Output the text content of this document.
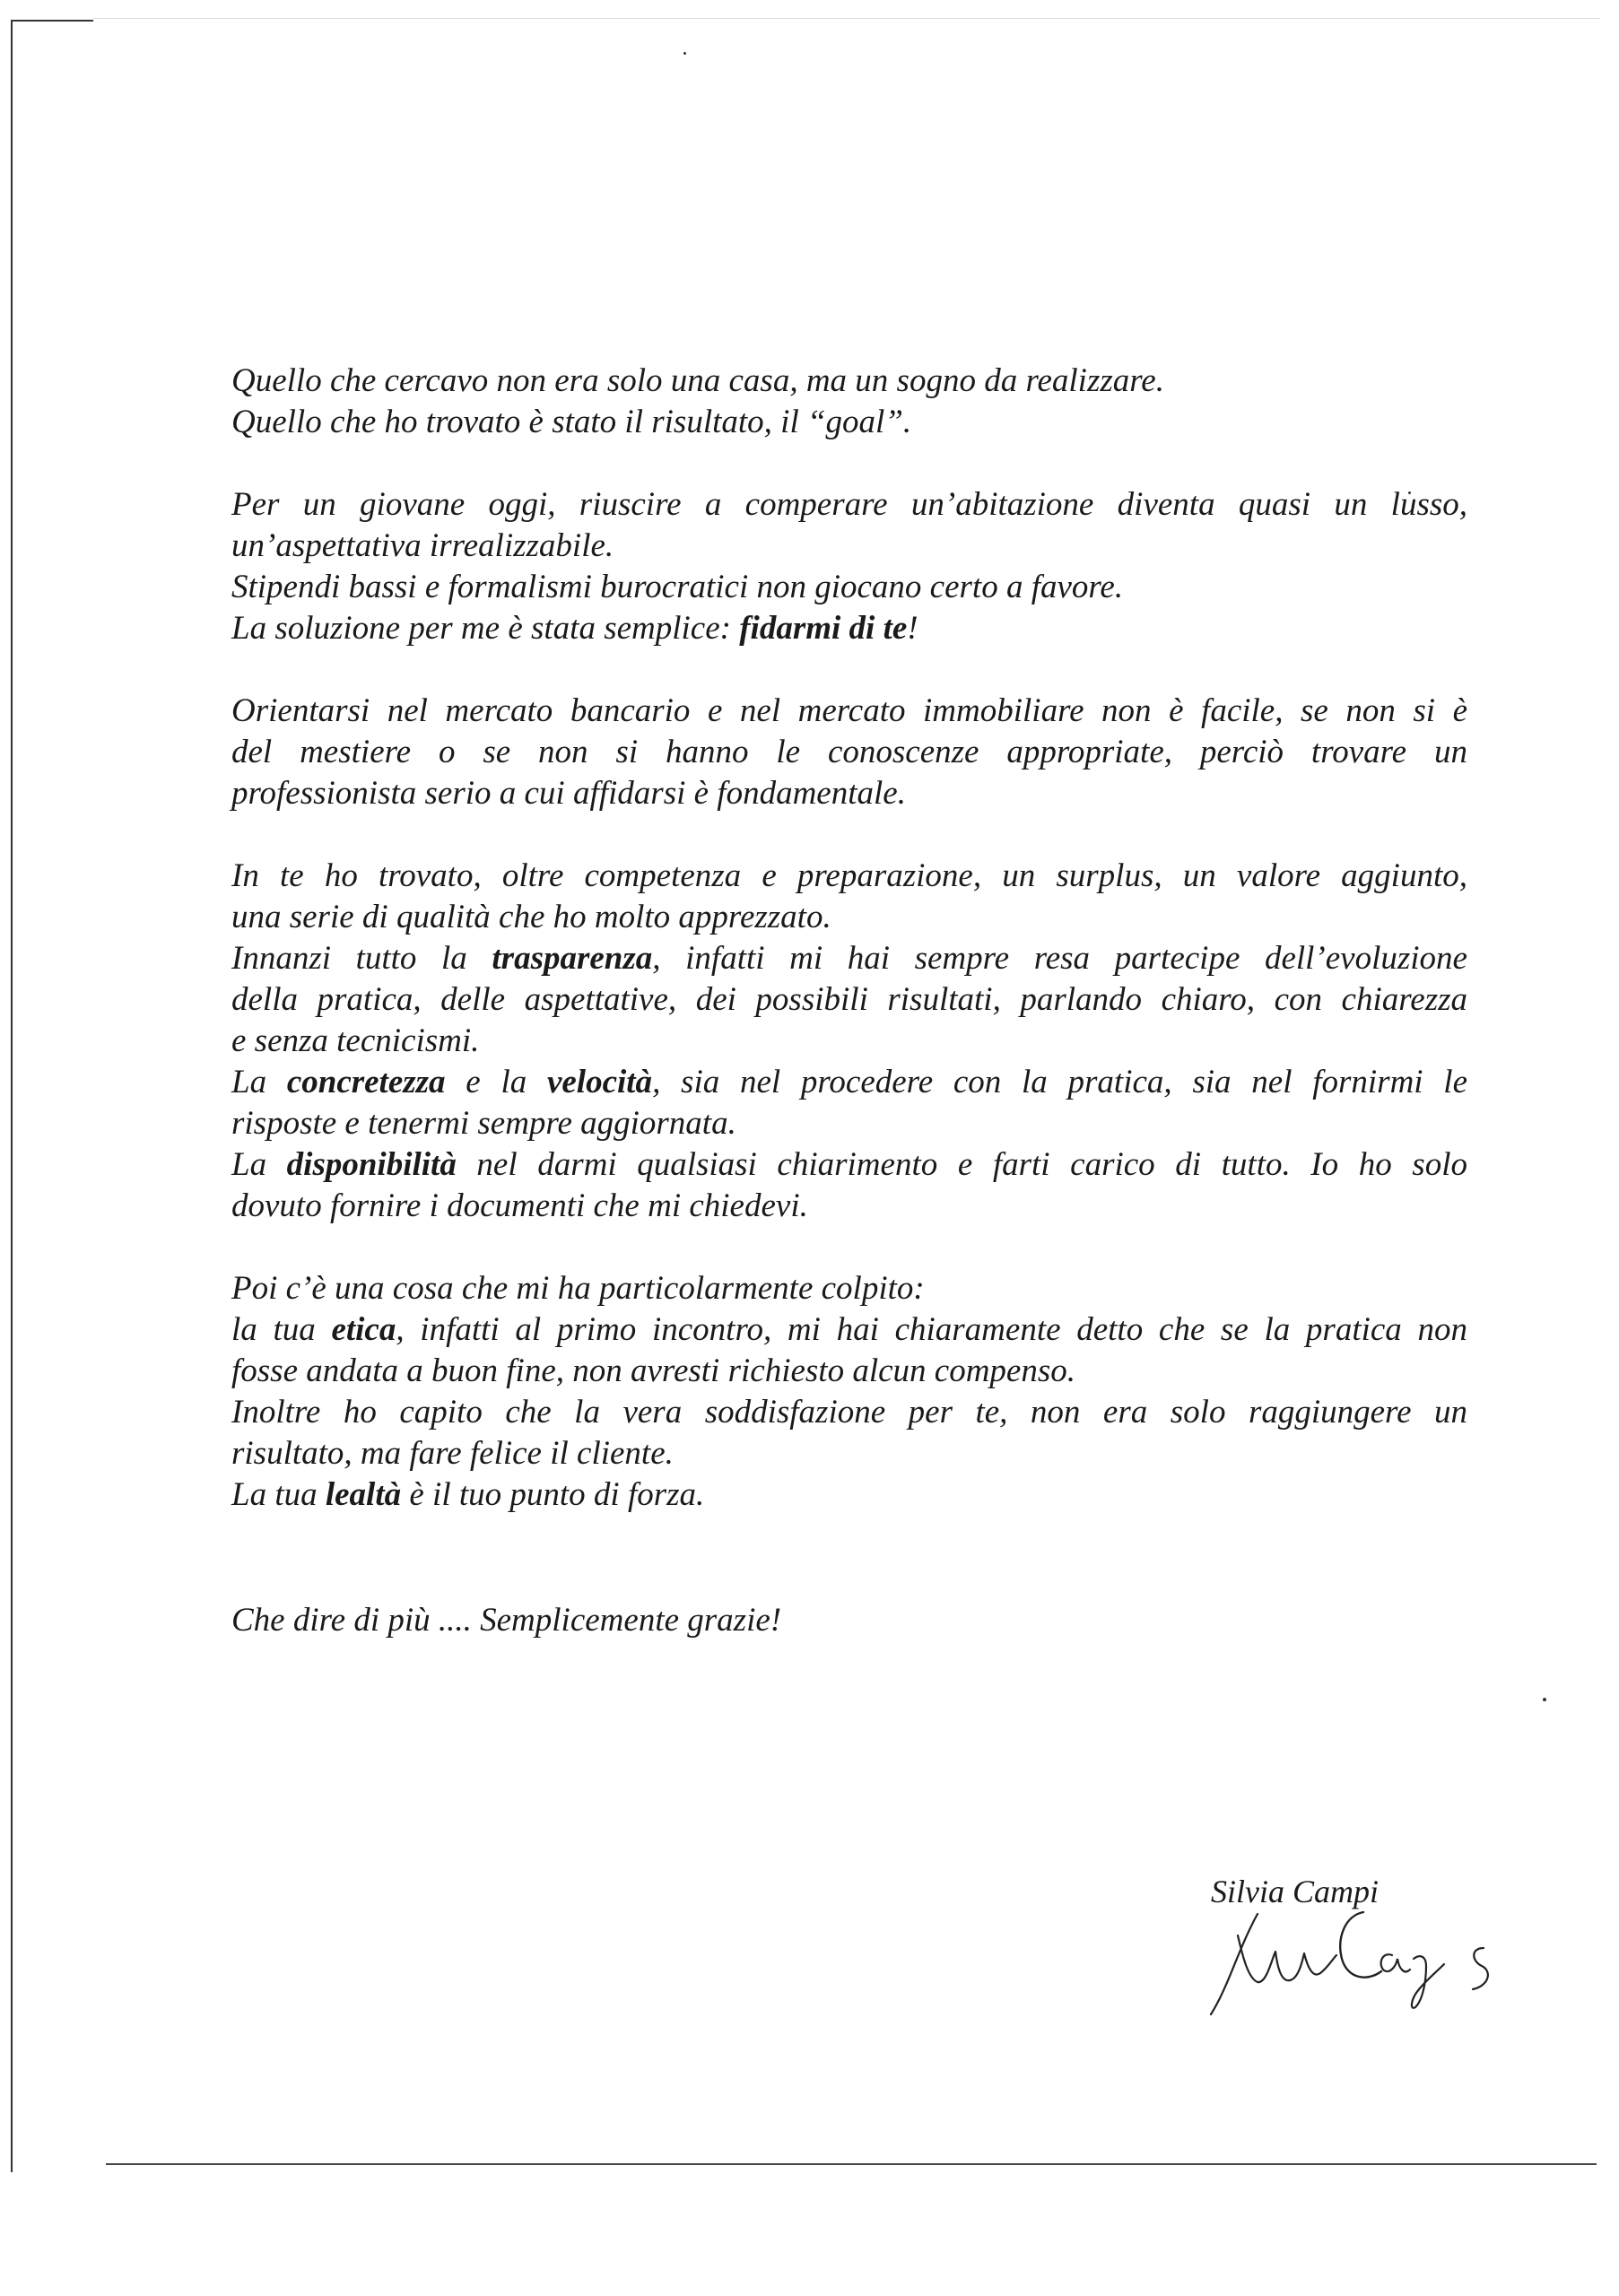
Quello che cercavo non era solo una casa, ma un sogno da realizzare.
Quello che ho trovato è stato il risultato, il “goal”.

Per un giovane oggi, riuscire a comperare un’abitazione diventa quasi un lusso,
un’aspettativa irrealizzabile.
Stipendi bassi e formalismi burocratici non giocano certo a favore.
La soluzione per me è stata semplice: fidarmi di te!

Orientarsi nel mercato bancario e nel mercato immobiliare non è facile, se non si è
del mestiere o se non si hanno le conoscenze appropriate, perciò trovare un
professionista serio a cui affidarsi è fondamentale.

In te ho trovato, oltre competenza e preparazione, un surplus, un valore aggiunto,
una serie di qualità che ho molto apprezzato.
Innanzi tutto la trasparenza, infatti mi hai sempre resa partecipe dell’evoluzione
della pratica, delle aspettative, dei possibili risultati, parlando chiaro, con chiarezza
e senza tecnicismi.
La concretezza e la velocità, sia nel procedere con la pratica, sia nel fornirmi le
risposte e tenermi sempre aggiornata.
La disponibilità nel darmi qualsiasi chiarimento e farti carico di tutto. Io ho solo
dovuto fornire i documenti che mi chiedevi.

Poi c’è una cosa che mi ha particolarmente colpito:
la tua etica, infatti al primo incontro, mi hai chiaramente detto che se la pratica non
fosse andata a buon fine, non avresti richiesto alcun compenso.
Inoltre ho capito che la vera soddisfazione per te, non era solo raggiungere un
risultato, ma fare felice il cliente.
La tua lealtà è il tuo punto di forza.

Che dire di più .... Semplicemente grazie!

Silvia Campi
